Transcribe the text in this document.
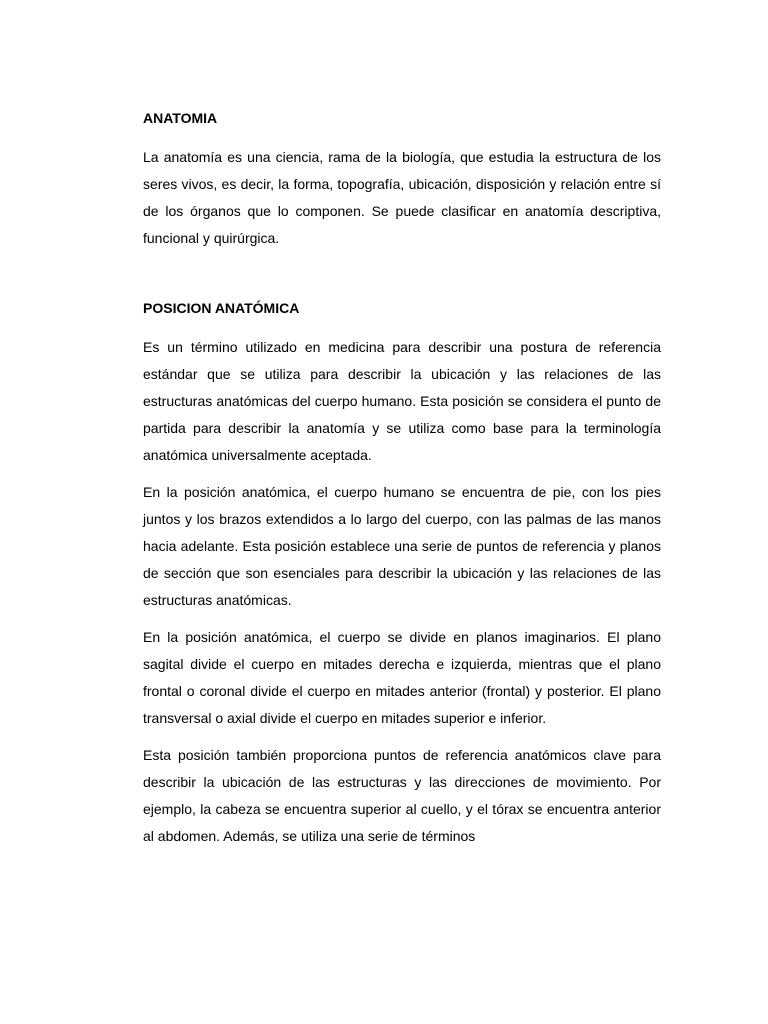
ANATOMIA

La anatomía es una ciencia, rama de la biología, que estudia la estructura de los seres vivos, es decir, la forma, topografía, ubicación, disposición y relación entre sí de los órganos que lo componen. Se puede clasificar en anatomía descriptiva, funcional y quirúrgica.

POSICION ANATÓMICA

Es un término utilizado en medicina para describir una postura de referencia estándar que se utiliza para describir la ubicación y las relaciones de las estructuras anatómicas del cuerpo humano. Esta posición se considera el punto de partida para describir la anatomía y se utiliza como base para la terminología anatómica universalmente aceptada.

En la posición anatómica, el cuerpo humano se encuentra de pie, con los pies juntos y los brazos extendidos a lo largo del cuerpo, con las palmas de las manos hacia adelante. Esta posición establece una serie de puntos de referencia y planos de sección que son esenciales para describir la ubicación y las relaciones de las estructuras anatómicas.

En la posición anatómica, el cuerpo se divide en planos imaginarios. El plano sagital divide el cuerpo en mitades derecha e izquierda, mientras que el plano frontal o coronal divide el cuerpo en mitades anterior (frontal) y posterior. El plano transversal o axial divide el cuerpo en mitades superior e inferior.

Esta posición también proporciona puntos de referencia anatómicos clave para describir la ubicación de las estructuras y las direcciones de movimiento. Por ejemplo, la cabeza se encuentra superior al cuello, y el tórax se encuentra anterior al abdomen. Además, se utiliza una serie de términos
